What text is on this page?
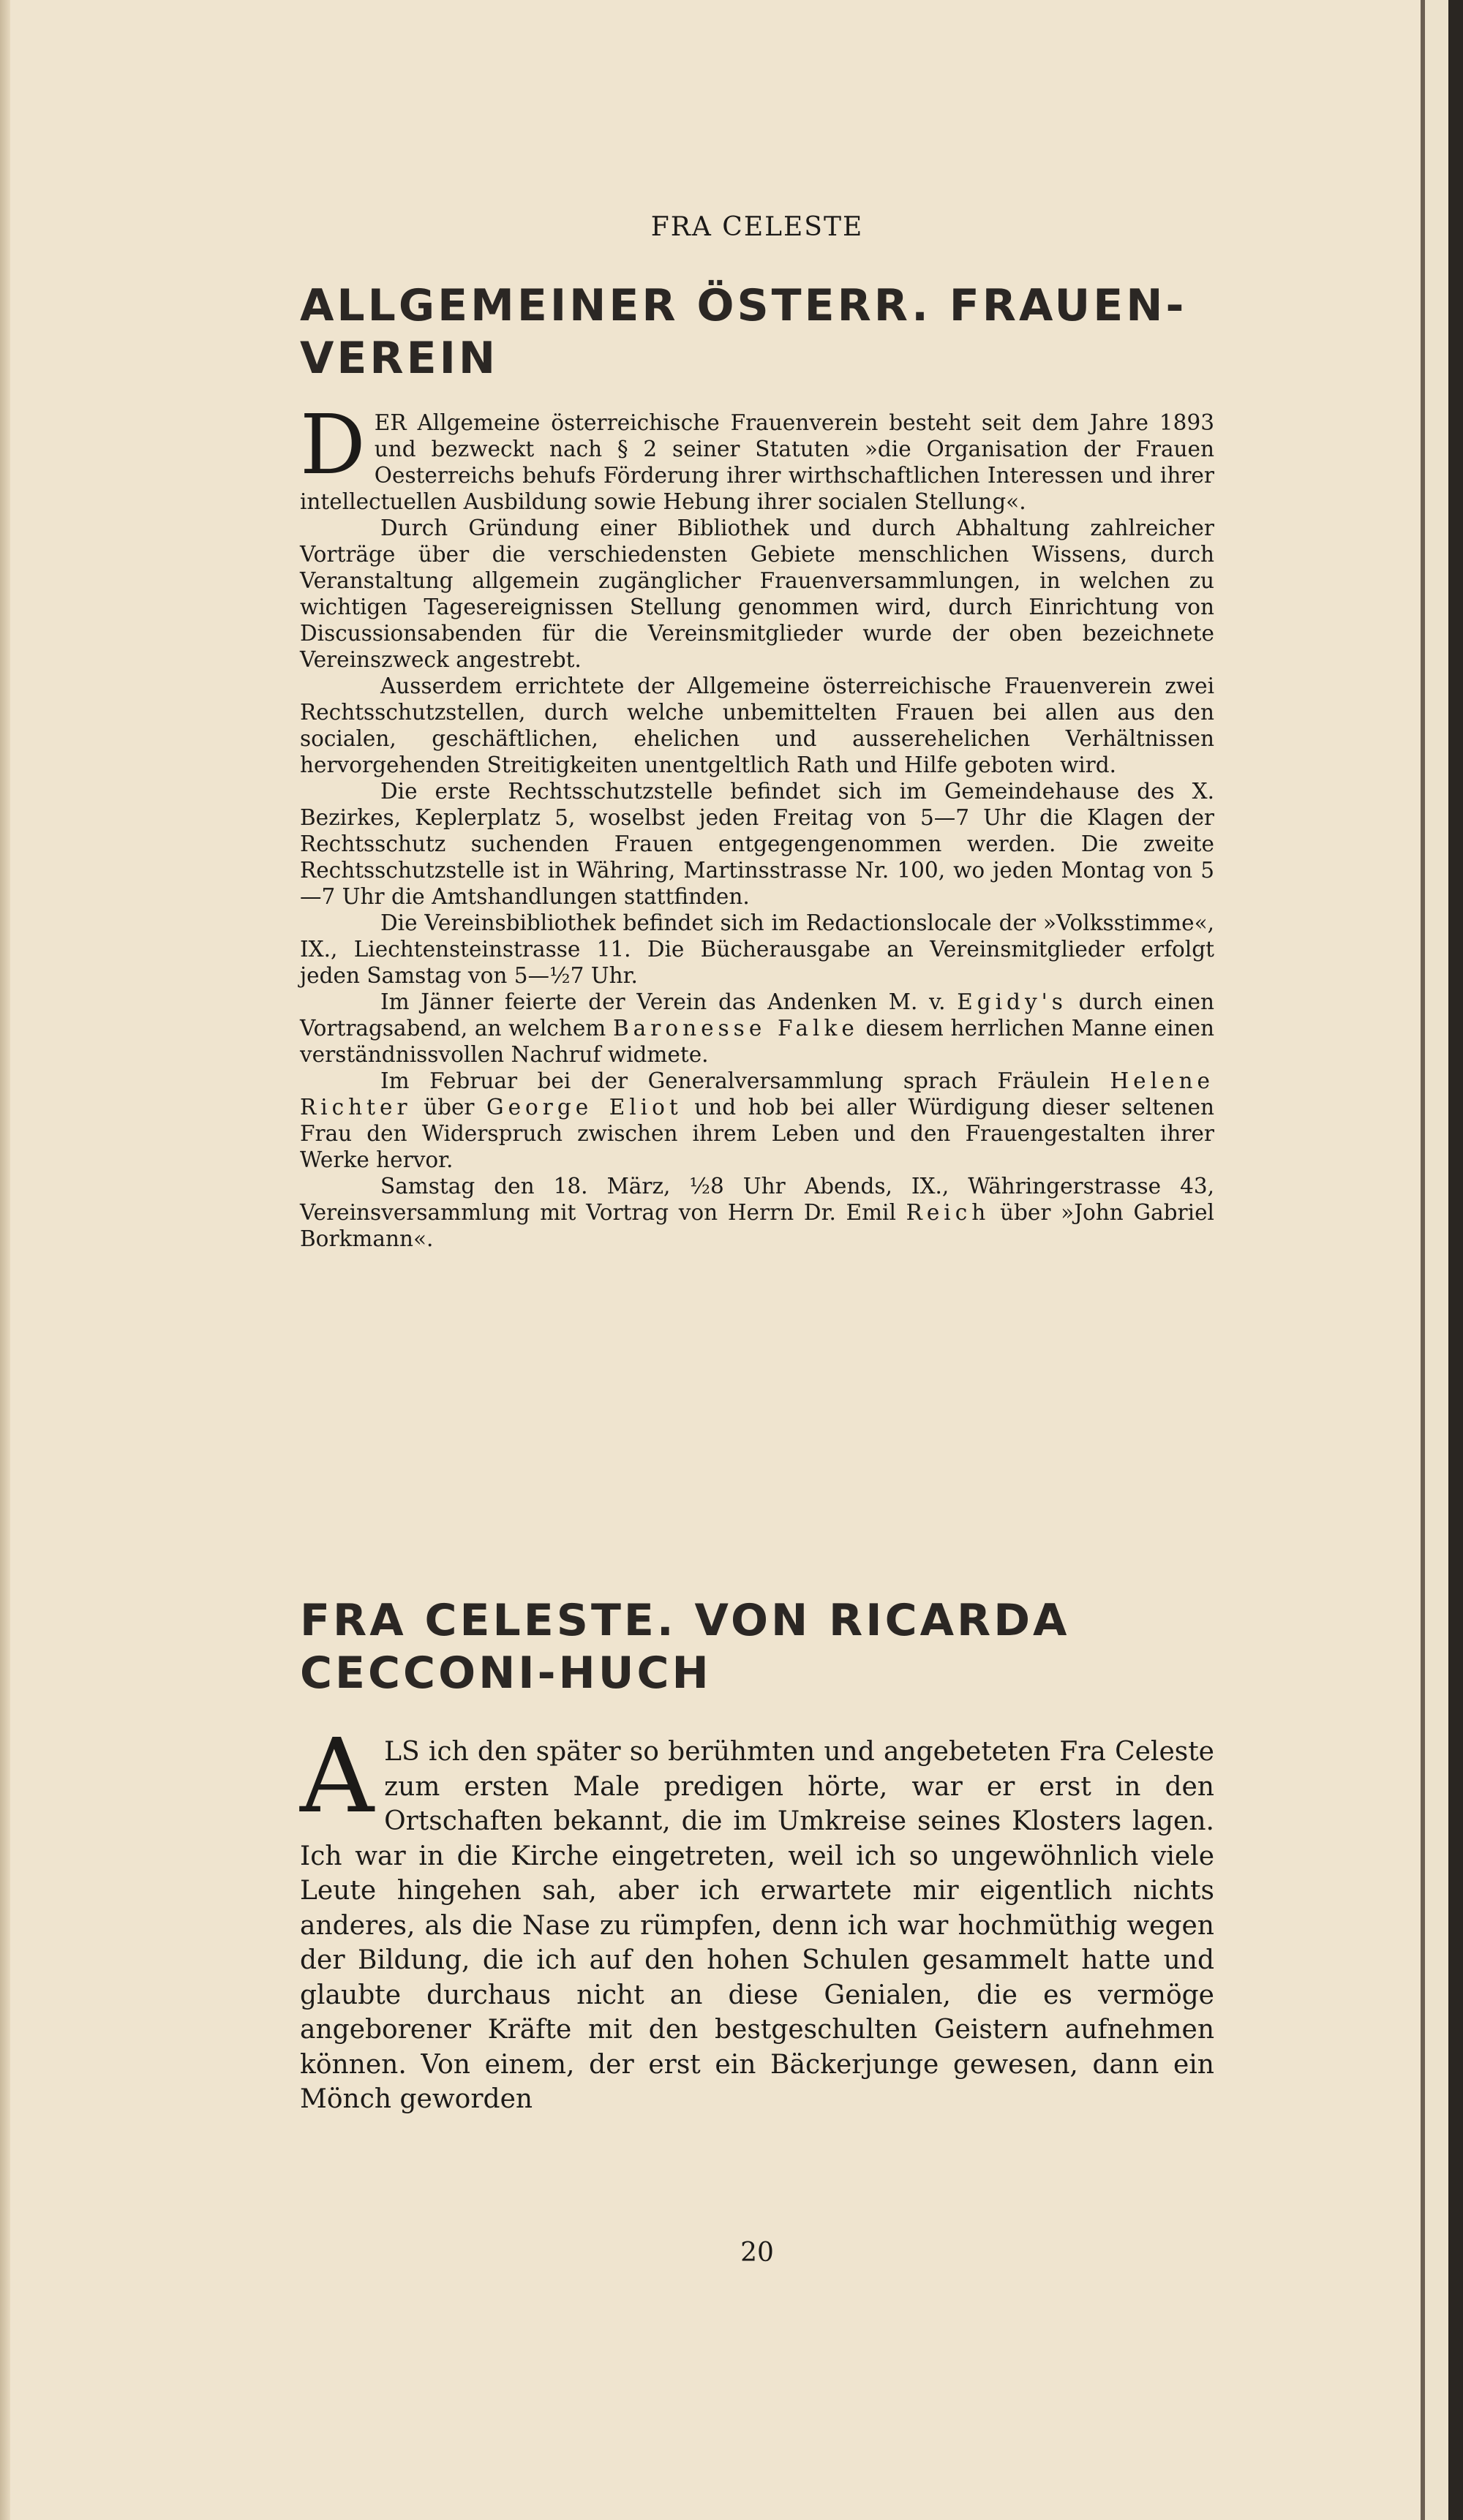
FRA CELESTE
ALLGEMEINER ÖSTERR. FRAUEN-VEREIN

DER Allgemeine österreichische Frauenverein besteht seit dem Jahre 1893 und bezweckt nach § 2 seiner Statuten »die Organisation der Frauen Oesterreichs behufs Förderung ihrer wirthschaftlichen Interessen und ihrer intellectuellen Ausbildung sowie Hebung ihrer socialen Stellung«.

Durch Gründung einer Bibliothek und durch Abhaltung zahlreicher Vorträge über die verschiedensten Gebiete menschlichen Wissens, durch Veranstaltung allgemein zugänglicher Frauenversammlungen, in welchen zu wichtigen Tagesereignissen Stellung genommen wird, durch Einrichtung von Discussionsabenden für die Vereinsmitglieder wurde der oben bezeichnete Vereinszweck angestrebt.

Ausserdem errichtete der Allgemeine österreichische Frauenverein zwei Rechtsschutzstellen, durch welche unbemittelten Frauen bei allen aus den socialen, geschäftlichen, ehelichen und ausserehelichen Verhältnissen hervorgehenden Streitigkeiten unentgeltlich Rath und Hilfe geboten wird.

Die erste Rechtsschutzstelle befindet sich im Gemeindehause des X. Bezirkes, Keplerplatz 5, woselbst jeden Freitag von 5—7 Uhr die Klagen der Rechtsschutz suchenden Frauen entgegengenommen werden. Die zweite Rechtsschutzstelle ist in Währing, Martinsstrasse Nr. 100, wo jeden Montag von 5—7 Uhr die Amtshandlungen stattfinden.

Die Vereinsbibliothek befindet sich im Redactionslocale der »Volksstimme«, IX., Liechtensteinstrasse 11. Die Bücherausgabe an Vereinsmitglieder erfolgt jeden Samstag von 5—½7 Uhr.

Im Jänner feierte der Verein das Andenken M. v. Egidy's durch einen Vortragsabend, an welchem Baronesse Falke diesem herrlichen Manne einen verständnissvollen Nachruf widmete.

Im Februar bei der Generalversammlung sprach Fräulein Helene Richter über George Eliot und hob bei aller Würdigung dieser seltenen Frau den Widerspruch zwischen ihrem Leben und den Frauengestalten ihrer Werke hervor.

Samstag den 18. März, ½8 Uhr Abends, IX., Währingerstrasse 43, Vereinsversammlung mit Vortrag von Herrn Dr. Emil Reich über »John Gabriel Borkmann«.

FRA CELESTE. VON RICARDA CECCONI-HUCH

ALS ich den später so berühmten und angebeteten Fra Celeste zum ersten Male predigen hörte, war er erst in den Ortschaften bekannt, die im Umkreise seines Klosters lagen. Ich war in die Kirche eingetreten, weil ich so ungewöhnlich viele Leute hingehen sah, aber ich erwartete mir eigentlich nichts anderes, als die Nase zu rümpfen, denn ich war hochmüthig wegen der Bildung, die ich auf den hohen Schulen gesammelt hatte und glaubte durchaus nicht an diese Genialen, die es vermöge angeborener Kräfte mit den bestgeschulten Geistern aufnehmen können. Von einem, der erst ein Bäckerjunge gewesen, dann ein Mönch geworden

20
